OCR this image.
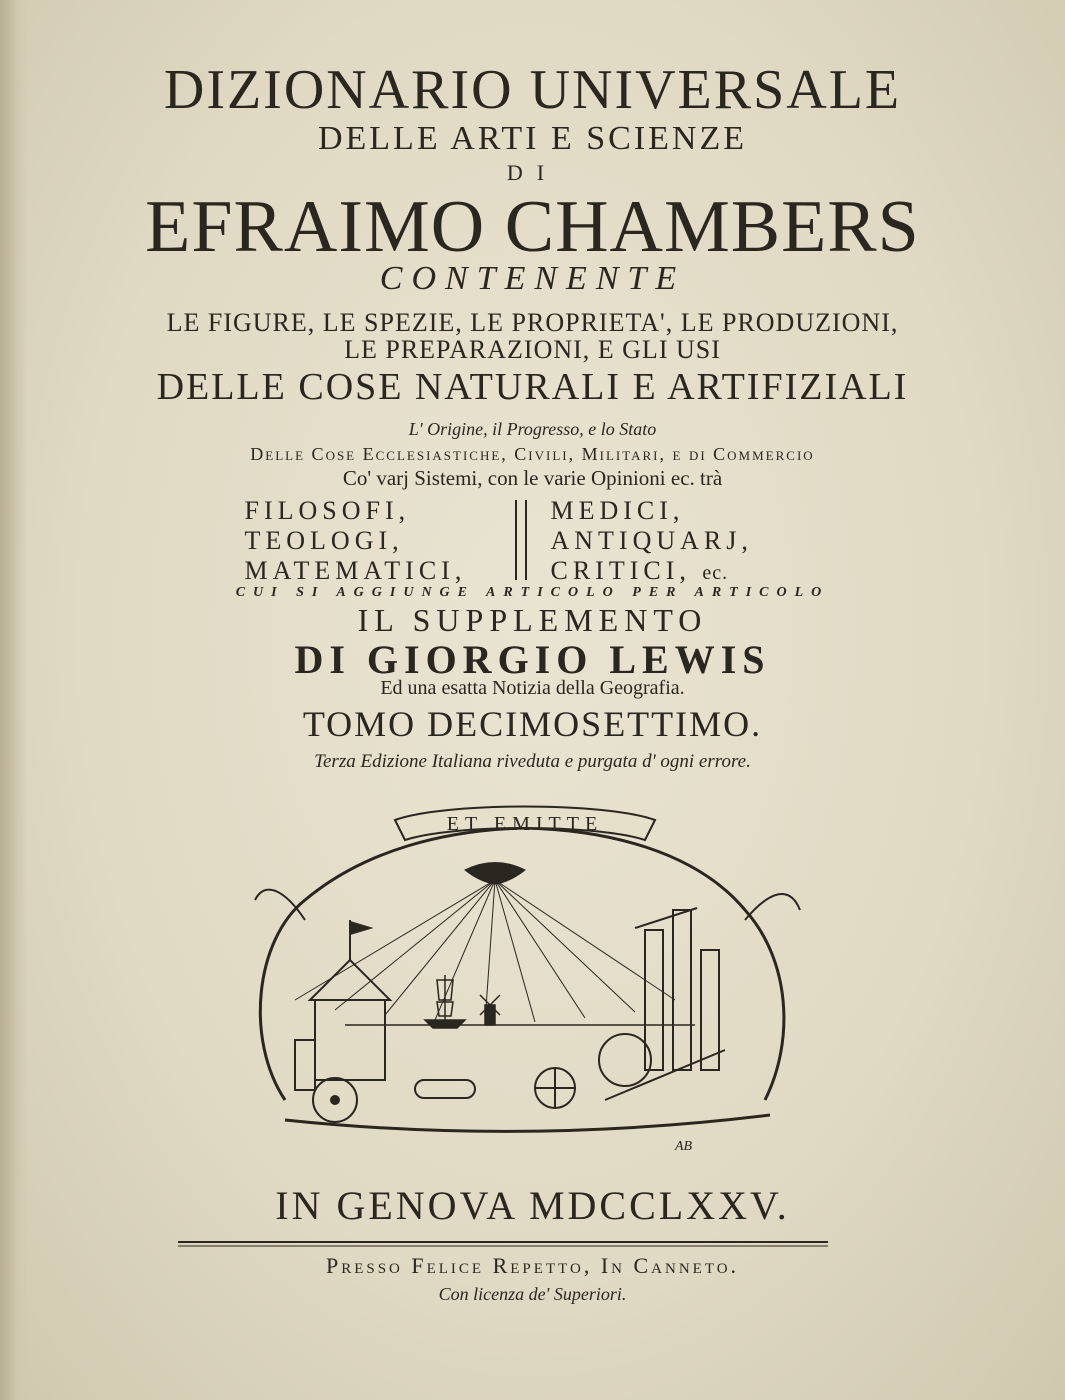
DIZIONARIO UNIVERSALE
DELLE ARTI E SCIENZE
DI
EFRAIMO CHAMBERS
CONTENENTE
LE FIGURE, LE SPEZIE, LE PROPRIETA', LE PRODUZIONI,
LE PREPARAZIONI, E GLI USI
DELLE COSE NATURALI E ARTIFIZIALI
L' Origine, il Progresso, e lo Stato
Delle Cose Ecclesiastiche, Civili, Militari, e di Commercio
Co' varj Sistemi, con le varie Opinioni ec. trà
FILOSOFI,
TEOLOGI,
MATEMATICI,
MEDICI,
ANTIQUARJ,
CRITICI, ec.
CUI SI AGGIUNGE ARTICOLO PER ARTICOLO
IL SUPPLEMENTO
DI GIORGIO LEWIS
Ed una esatta Notizia della Geografia.
TOMO DECIMOSETTIMO.
Terza Edizione Italiana riveduta e purgata d' ogni errore.
ET EMITTE
AB
IN GENOVA MDCCLXXV.
Presso Felice Repetto, In Canneto.
Con licenza de' Superiori.
